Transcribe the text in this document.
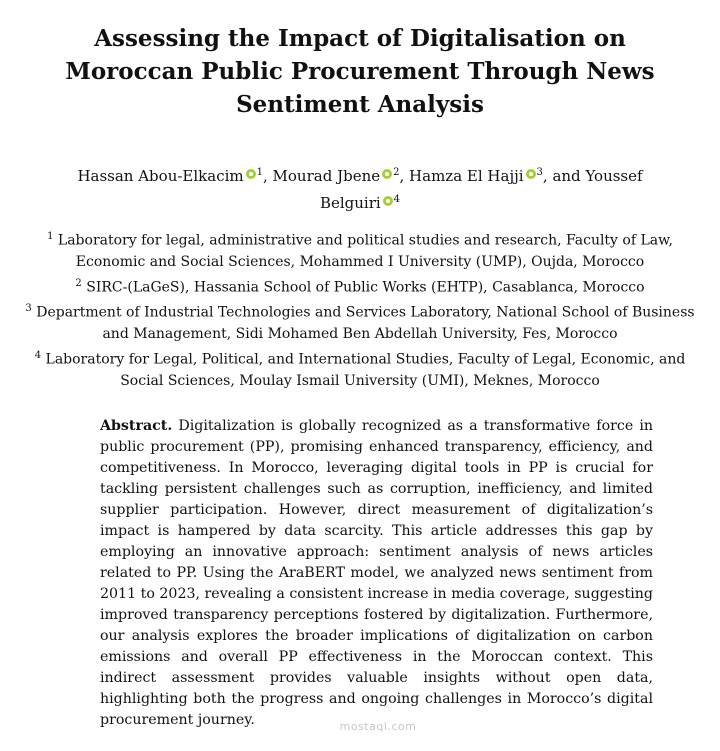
Assessing the Impact of Digitalisation on Moroccan Public Procurement Through News Sentiment Analysis
Hassan Abou-Elkacim $^1$, Mourad Jbene $^2$, Hamza El Hajji $^3$, and Youssef Belguiri $^4$

$^1$ Laboratory for legal, administrative and political studies and research, Faculty of Law, Economic and Social Sciences, Mohammed I University (UMP), Oujda, Morocco

$^2$ SIRC-(LaGeS), Hassania School of Public Works (EHTP), Casablanca, Morocco

$^3$ Department of Industrial Technologies and Services Laboratory, National School of Business and Management, Sidi Mohamed Ben Abdellah University, Fes, Morocco

$^4$ Laboratory for Legal, Political, and International Studies, Faculty of Legal, Economic, and Social Sciences, Moulay Ismail University (UMI), Meknes, Morocco

Abstract. Digitalization is globally recognized as a transformative force in public procurement (PP), promising enhanced transparency, efficiency, and competitiveness. In Morocco, leveraging digital tools in PP is crucial for tackling persistent challenges such as corruption, inefficiency, and limited supplier participation. However, direct measurement of digitalization’s impact is hampered by data scarcity. This article addresses this gap by employing an innovative approach: sentiment analysis of news articles related to PP. Using the AraBERT model, we analyzed news sentiment from 2011 to 2023, revealing a consistent increase in media coverage, suggesting improved transparency perceptions fostered by digitalization. Furthermore, our analysis explores the broader implications of digitalization on carbon emissions and overall PP effectiveness in the Moroccan context. This indirect assessment provides valuable insights without open data, highlighting both the progress and ongoing challenges in Morocco’s digital procurement journey.	mostaql.com
